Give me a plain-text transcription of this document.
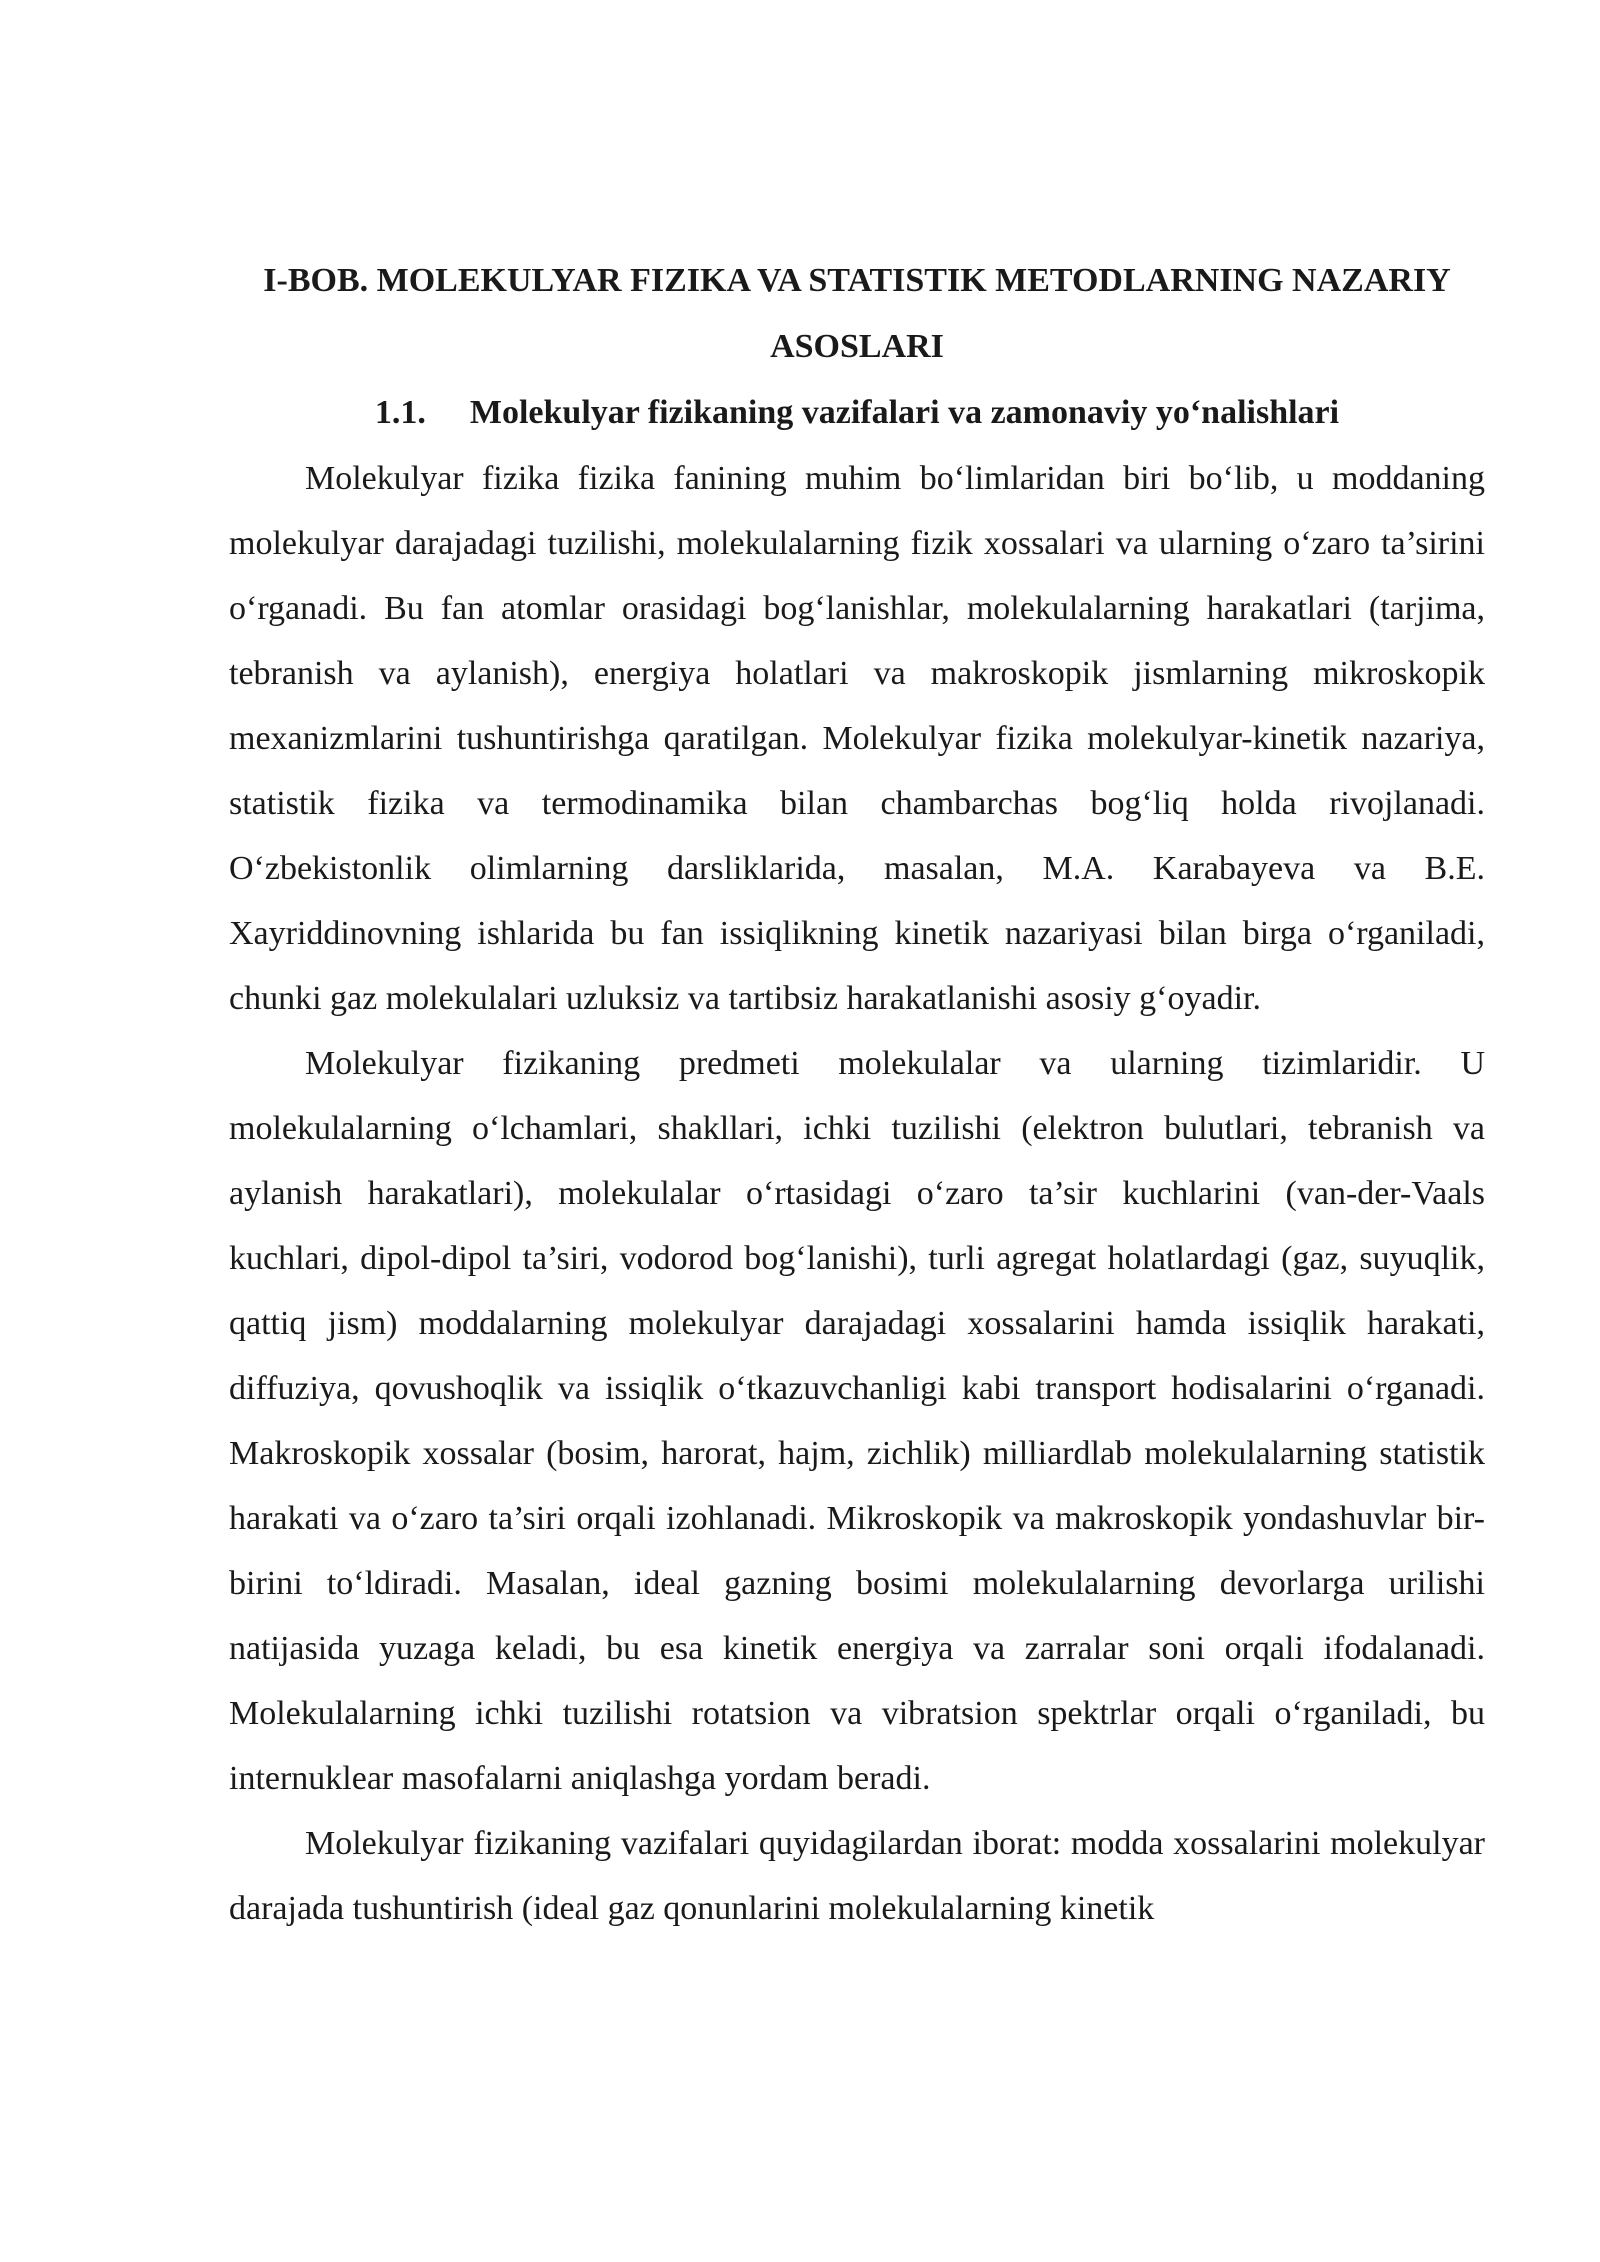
I-BOB. MOLEKULYAR FIZIKA VA STATISTIK METODLARNING NAZARIY ASOSLARI
1.1. Molekulyar fizikaning vazifalari va zamonaviy yo‘nalishlari

Molekulyar fizika fizika fanining muhim bo‘limlaridan biri bo‘lib, u moddaning molekulyar darajadagi tuzilishi, molekulalarning fizik xossalari va ularning o‘zaro ta’sirini o‘rganadi. Bu fan atomlar orasidagi bog‘lanishlar, molekulalarning harakatlari (tarjima, tebranish va aylanish), energiya holatlari va makroskopik jismlarning mikroskopik mexanizmlarini tushuntirishga qaratilgan. Molekulyar fizika molekulyar-kinetik nazariya, statistik fizika va termodinamika bilan chambarchas bog‘liq holda rivojlanadi. O‘zbekistonlik olimlarning darsliklarida, masalan, M.A. Karabayeva va B.E. Xayriddinovning ishlarida bu fan issiqlikning kinetik nazariyasi bilan birga o‘rganiladi, chunki gaz molekulalari uzluksiz va tartibsiz harakatlanishi asosiy g‘oyadir.

Molekulyar fizikaning predmeti molekulalar va ularning tizimlaridir. U molekulalarning o‘lchamlari, shakllari, ichki tuzilishi (elektron bulutlari, tebranish va aylanish harakatlari), molekulalar o‘rtasidagi o‘zaro ta’sir kuchlarini (van-der-Vaals kuchlari, dipol-dipol ta’siri, vodorod bog‘lanishi), turli agregat holatlardagi (gaz, suyuqlik, qattiq jism) moddalarning molekulyar darajadagi xossalarini hamda issiqlik harakati, diffuziya, qovushoqlik va issiqlik o‘tkazuvchanligi kabi transport hodisalarini o‘rganadi. Makroskopik xossalar (bosim, harorat, hajm, zichlik) milliardlab molekulalarning statistik harakati va o‘zaro ta’siri orqali izohlanadi. Mikroskopik va makroskopik yondashuvlar bir-birini to‘ldiradi. Masalan, ideal gazning bosimi molekulalarning devorlarga urilishi natijasida yuzaga keladi, bu esa kinetik energiya va zarralar soni orqali ifodalanadi. Molekulalarning ichki tuzilishi rotatsion va vibratsion spektrlar orqali o‘rganiladi, bu internuklear masofalarni aniqlashga yordam beradi.

Molekulyar fizikaning vazifalari quyidagilardan iborat: modda xossalarini molekulyar darajada tushuntirish (ideal gaz qonunlarini molekulalarning kinetik
